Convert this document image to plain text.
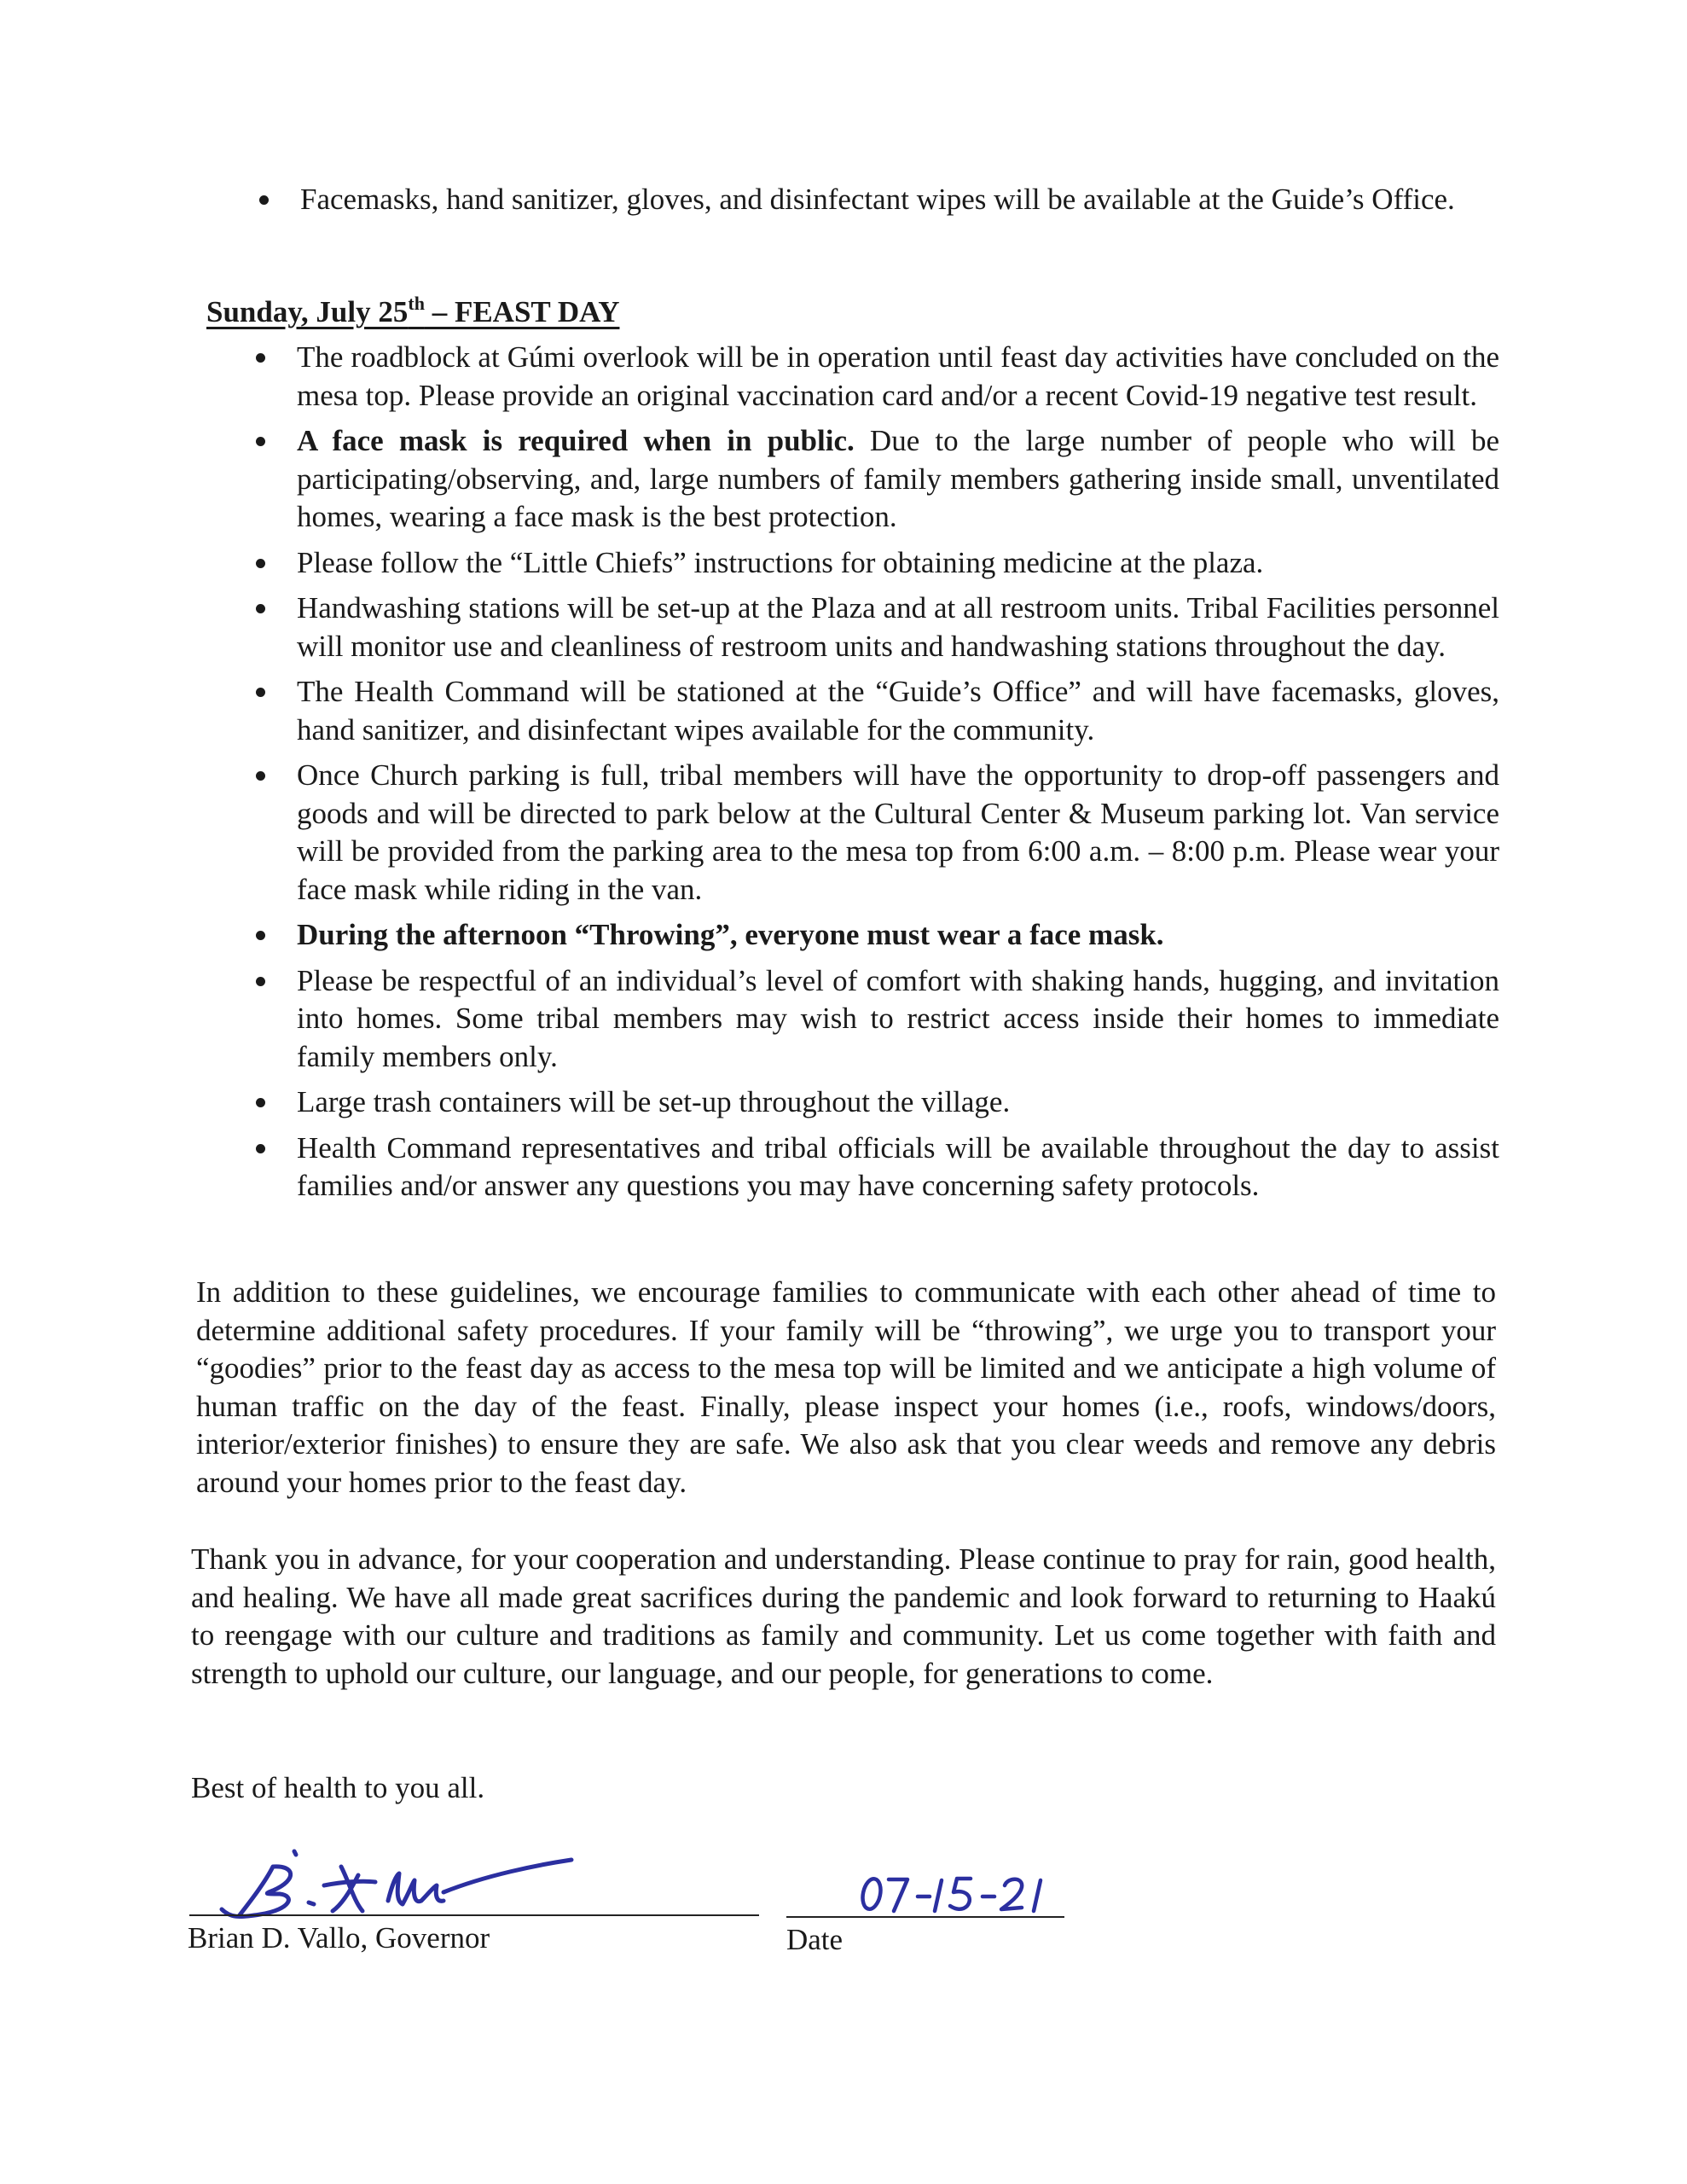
Facemasks, hand sanitizer, gloves, and disinfectant wipes will be available at the Guide’s Office.
Sunday, July 25th – FEAST DAY
The roadblock at Gúmi overlook will be in operation until feast day activities have concluded on the mesa top. Please provide an original vaccination card and/or a recent Covid-19 negative test result.
A face mask is required when in public. Due to the large number of people who will be participating/observing, and, large numbers of family members gathering inside small, unventilated homes, wearing a face mask is the best protection.
Please follow the “Little Chiefs” instructions for obtaining medicine at the plaza.
Handwashing stations will be set-up at the Plaza and at all restroom units. Tribal Facilities personnel will monitor use and cleanliness of restroom units and handwashing stations throughout the day.
The Health Command will be stationed at the “Guide’s Office” and will have facemasks, gloves, hand sanitizer, and disinfectant wipes available for the community.
Once Church parking is full, tribal members will have the opportunity to drop-off passengers and goods and will be directed to park below at the Cultural Center & Museum parking lot. Van service will be provided from the parking area to the mesa top from 6:00 a.m. – 8:00 p.m. Please wear your face mask while riding in the van.
During the afternoon “Throwing”, everyone must wear a face mask.
Please be respectful of an individual’s level of comfort with shaking hands, hugging, and invitation into homes. Some tribal members may wish to restrict access inside their homes to immediate family members only.
Large trash containers will be set-up throughout the village.
Health Command representatives and tribal officials will be available throughout the day to assist families and/or answer any questions you may have concerning safety protocols.

In addition to these guidelines, we encourage families to communicate with each other ahead of time to determine additional safety procedures. If your family will be “throwing”, we urge you to transport your “goodies” prior to the feast day as access to the mesa top will be limited and we anticipate a high volume of human traffic on the day of the feast. Finally, please inspect your homes (i.e., roofs, windows/doors, interior/exterior finishes) to ensure they are safe. We also ask that you clear weeds and remove any debris around your homes prior to the feast day.

Thank you in advance, for your cooperation and understanding. Please continue to pray for rain, good health, and healing. We have all made great sacrifices during the pandemic and look forward to returning to Haakú to reengage with our culture and traditions as family and community. Let us come together with faith and strength to uphold our culture, our language, and our people, for generations to come.

Best of health to you all.

Brian D. Vallo, Governor	Date
